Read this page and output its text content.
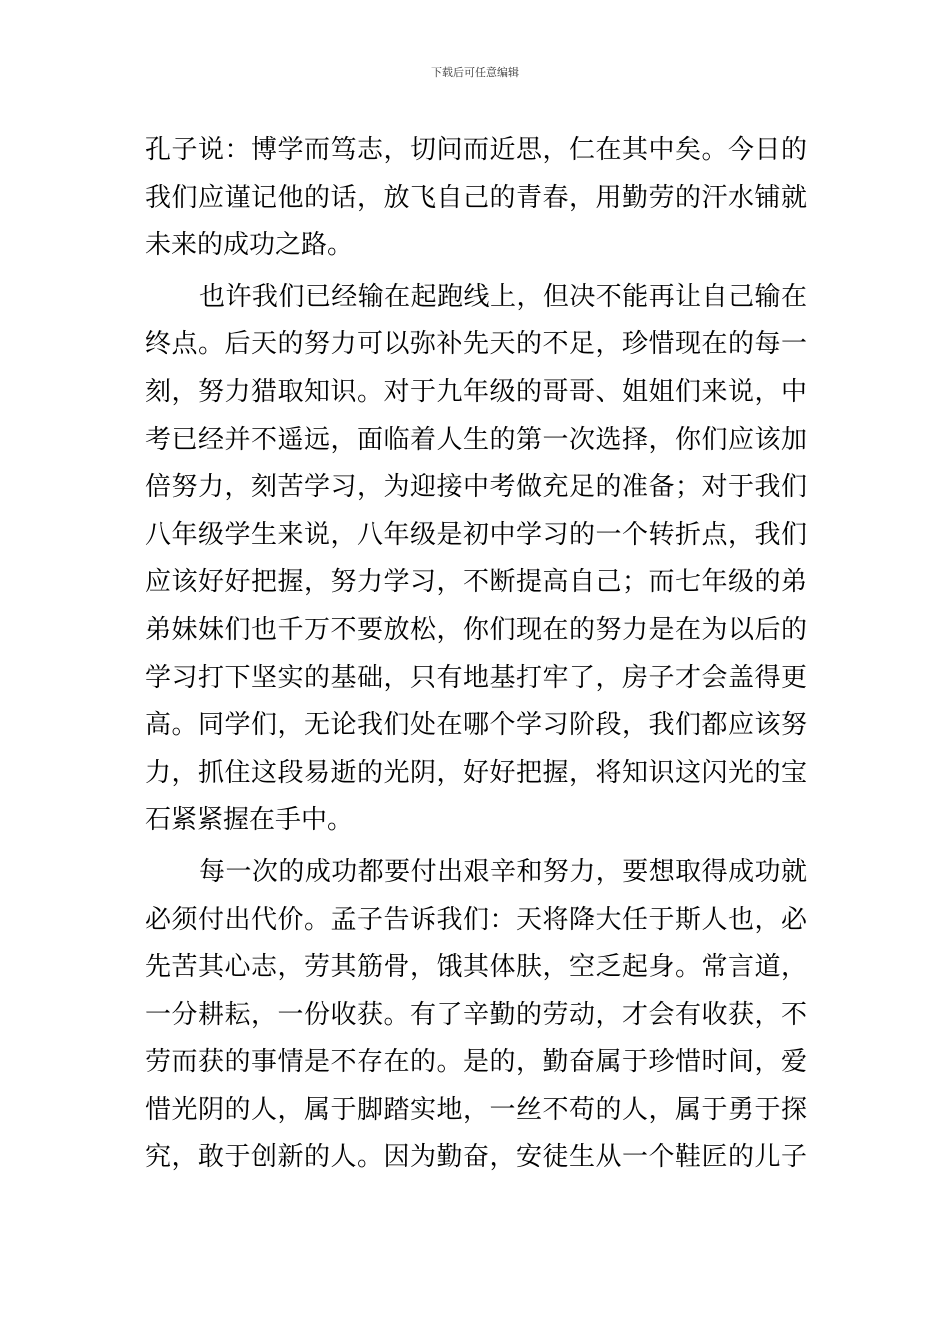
下载后可任意编辑
孔子说：博学而笃志，切问而近思，仁在其中矣。今日的
我们应谨记他的话，放飞自己的青春，用勤劳的汗水铺就
未来的成功之路。
也许我们已经输在起跑线上，但决不能再让自己输在
终点。后天的努力可以弥补先天的不足，珍惜现在的每一
刻，努力猎取知识。对于九年级的哥哥、姐姐们来说，中
考已经并不遥远，面临着人生的第一次选择，你们应该加
倍努力，刻苦学习，为迎接中考做充足的准备；对于我们
八年级学生来说，八年级是初中学习的一个转折点，我们
应该好好把握，努力学习，不断提高自己；而七年级的弟
弟妹妹们也千万不要放松，你们现在的努力是在为以后的
学习打下坚实的基础，只有地基打牢了，房子才会盖得更
高。同学们，无论我们处在哪个学习阶段，我们都应该努
力，抓住这段易逝的光阴，好好把握，将知识这闪光的宝
石紧紧握在手中。
每一次的成功都要付出艰辛和努力，要想取得成功就
必须付出代价。孟子告诉我们：天将降大任于斯人也，必
先苦其心志，劳其筋骨，饿其体肤，空乏起身。常言道，
一分耕耘，一份收获。有了辛勤的劳动，才会有收获，不
劳而获的事情是不存在的。是的，勤奋属于珍惜时间，爱
惜光阴的人，属于脚踏实地，一丝不苟的人，属于勇于探
究，敢于创新的人。因为勤奋，安徒生从一个鞋匠的儿子
